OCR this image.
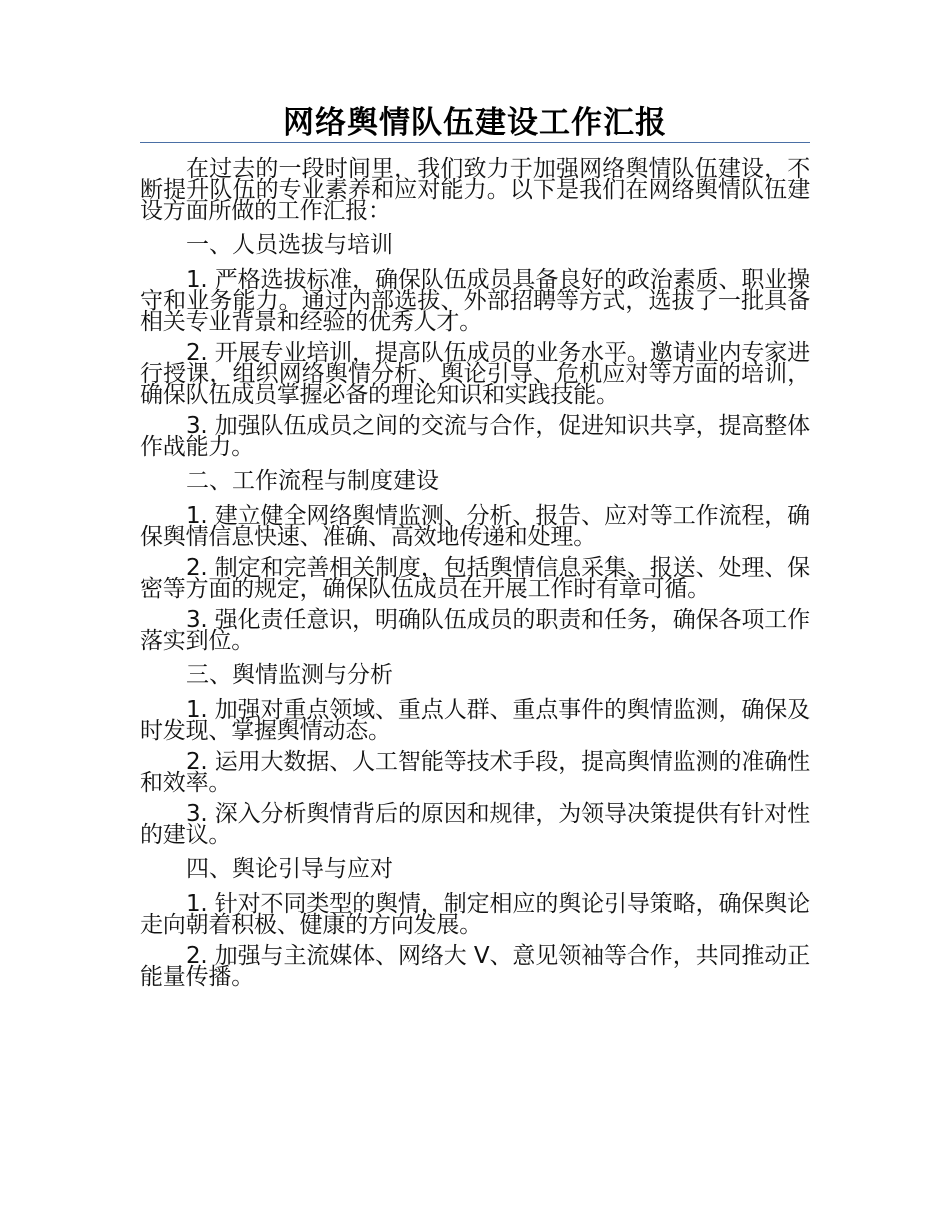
网络舆情队伍建设工作汇报

在过去的一段时间里，我们致力于加强网络舆情队伍建设，不断提升队伍的专业素养和应对能力。以下是我们在网络舆情队伍建设方面所做的工作汇报：

一、人员选拔与培训

1. 严格选拔标准，确保队伍成员具备良好的政治素质、职业操守和业务能力。通过内部选拔、外部招聘等方式，选拔了一批具备相关专业背景和经验的优秀人才。

2. 开展专业培训，提高队伍成员的业务水平。邀请业内专家进行授课，组织网络舆情分析、舆论引导、危机应对等方面的培训，确保队伍成员掌握必备的理论知识和实践技能。

3. 加强队伍成员之间的交流与合作，促进知识共享，提高整体作战能力。

二、工作流程与制度建设

1. 建立健全网络舆情监测、分析、报告、应对等工作流程，确保舆情信息快速、准确、高效地传递和处理。

2. 制定和完善相关制度，包括舆情信息采集、报送、处理、保密等方面的规定，确保队伍成员在开展工作时有章可循。

3. 强化责任意识，明确队伍成员的职责和任务，确保各项工作落实到位。

三、舆情监测与分析

1. 加强对重点领域、重点人群、重点事件的舆情监测，确保及时发现、掌握舆情动态。

2. 运用大数据、人工智能等技术手段，提高舆情监测的准确性和效率。

3. 深入分析舆情背后的原因和规律，为领导决策提供有针对性的建议。

四、舆论引导与应对

1. 针对不同类型的舆情，制定相应的舆论引导策略，确保舆论走向朝着积极、健康的方向发展。

2. 加强与主流媒体、网络大 V、意见领袖等合作，共同推动正能量传播。
